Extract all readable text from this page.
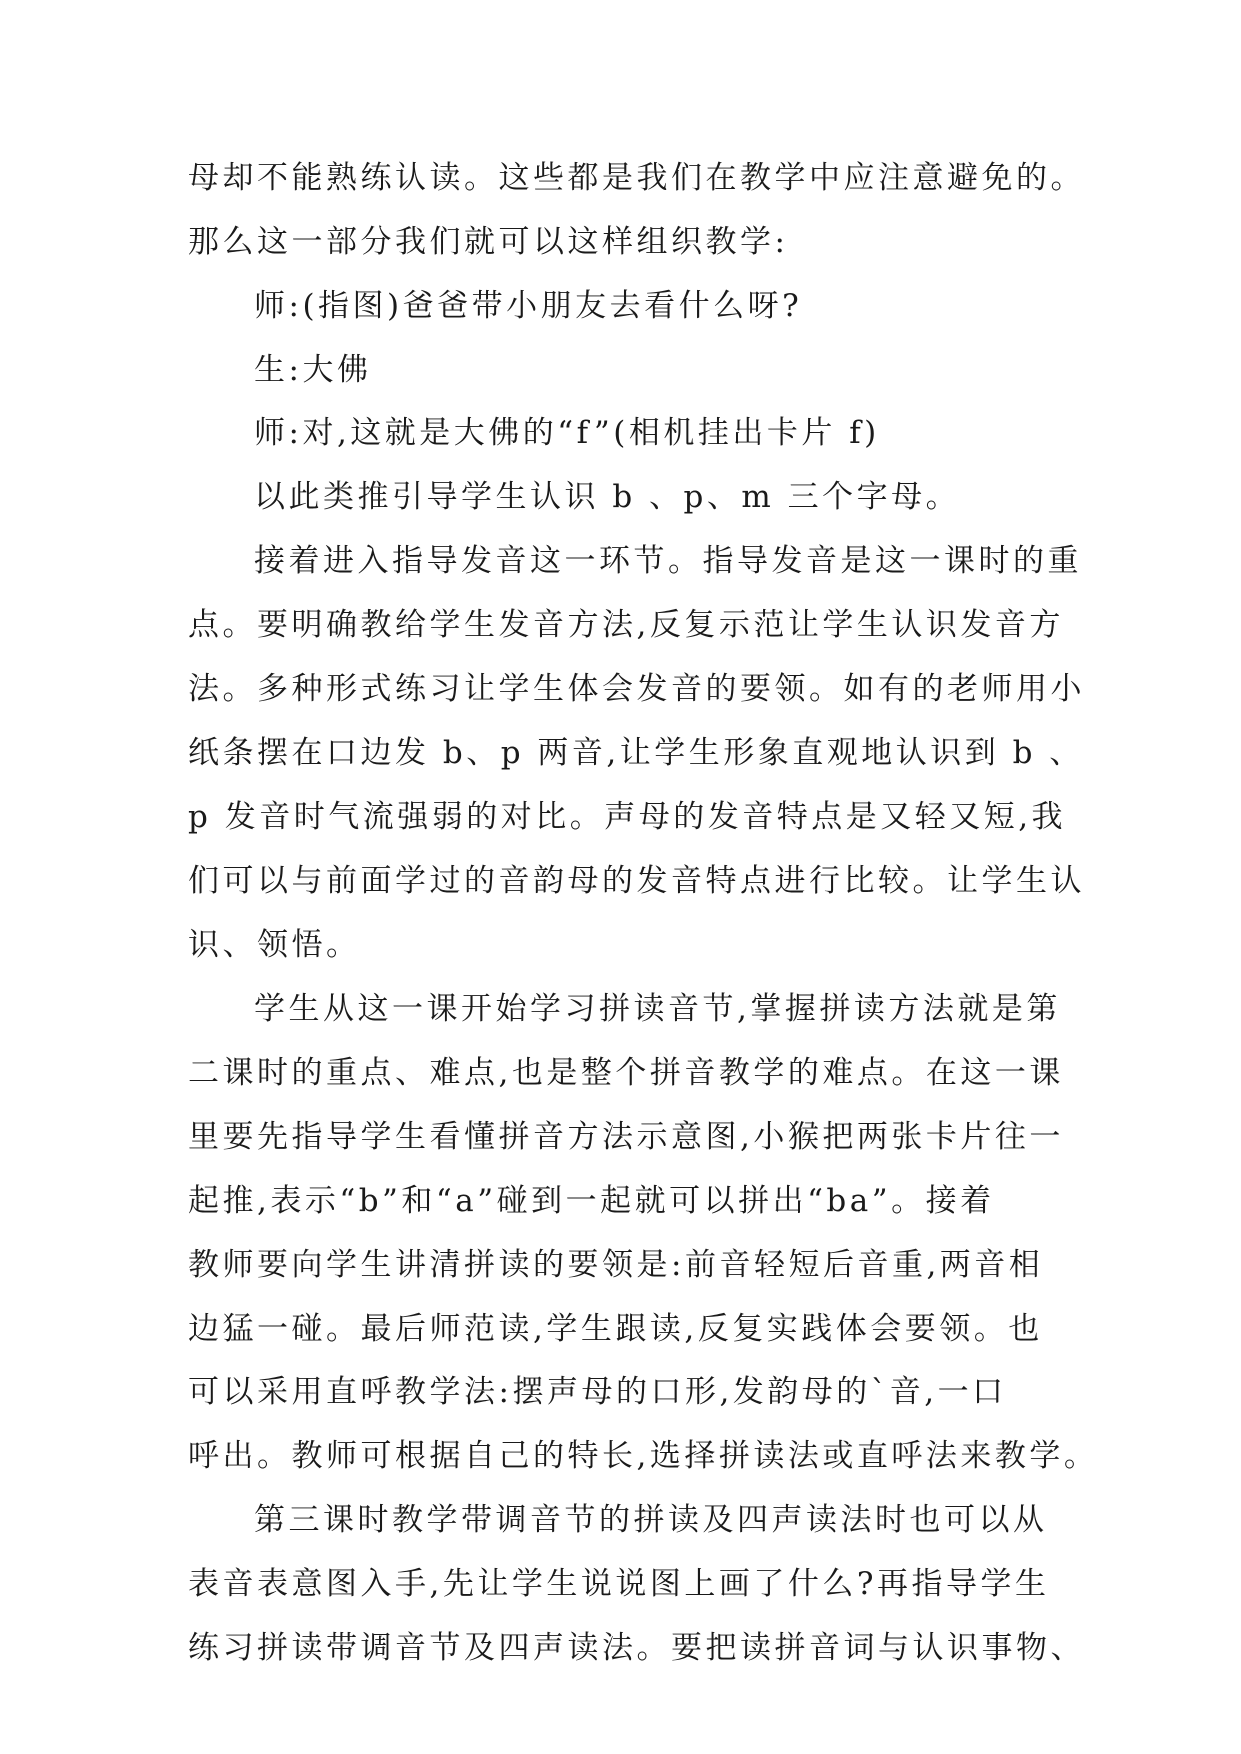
母却不能熟练认读。这些都是我们在教学中应注意避免的。
那么这一部分我们就可以这样组织教学:
师:(指图)爸爸带小朋友去看什么呀?
生:大佛
师:对,这就是大佛的“f”(相机挂出卡片 f)
以此类推引导学生认识 b 、p、m 三个字母。
接着进入指导发音这一环节。指导发音是这一课时的重
点。要明确教给学生发音方法,反复示范让学生认识发音方
法。多种形式练习让学生体会发音的要领。如有的老师用小
纸条摆在口边发 b、p 两音,让学生形象直观地认识到 b 、
p 发音时气流强弱的对比。声母的发音特点是又轻又短,我
们可以与前面学过的音韵母的发音特点进行比较。让学生认
识、领悟。
学生从这一课开始学习拼读音节,掌握拼读方法就是第
二课时的重点、难点,也是整个拼音教学的难点。在这一课
里要先指导学生看懂拼音方法示意图,小猴把两张卡片往一
起推,表示“b”和“a”碰到一起就可以拼出“ba”。接着
教师要向学生讲清拼读的要领是:前音轻短后音重,两音相
边猛一碰。最后师范读,学生跟读,反复实践体会要领。也
可以采用直呼教学法:摆声母的口形,发韵母的`音,一口
呼出。教师可根据自己的特长,选择拼读法或直呼法来教学。
第三课时教学带调音节的拼读及四声读法时也可以从
表音表意图入手,先让学生说说图上画了什么?再指导学生
练习拼读带调音节及四声读法。要把读拼音词与认识事物、
